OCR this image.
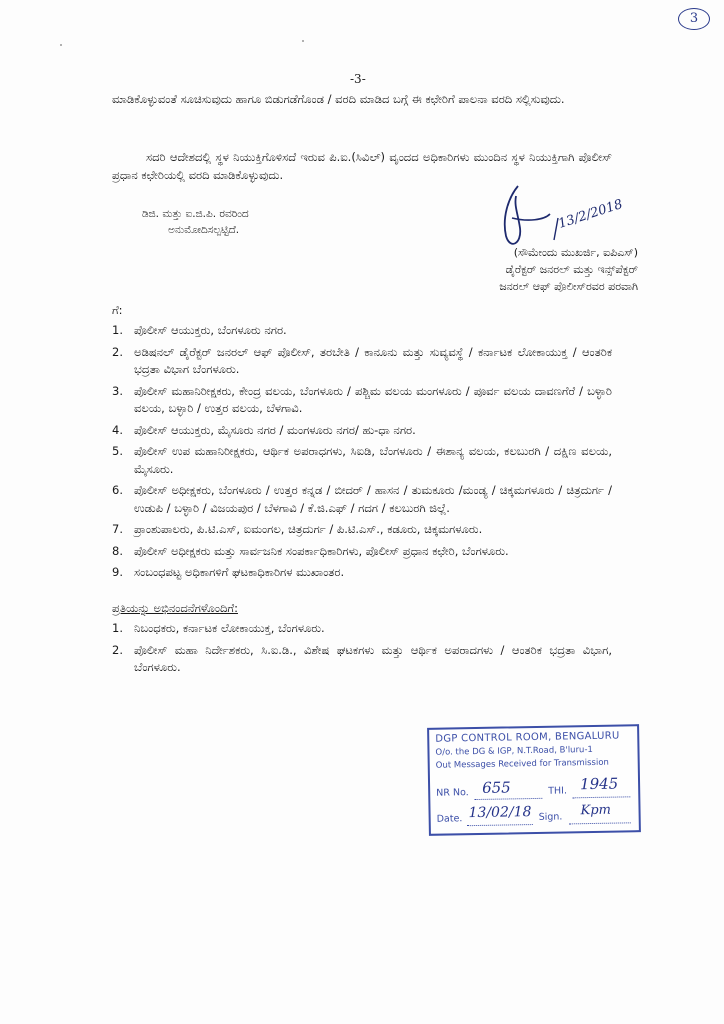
3
-3-
ಮಾಡಿಕೊಳ್ಳುವಂತೆ ಸೂಚಿಸುವುದು ಹಾಗೂ ಬಿಡುಗಡೆಗೊಂಡ / ವರದಿ ಮಾಡಿದ ಬಗ್ಗೆ ಈ ಕಛೇರಿಗೆ ಪಾಲನಾ ವರದಿ ಸಲ್ಲಿಸುವುದು.
ಸದರಿ ಆದೇಶದಲ್ಲಿ ಸ್ಥಳ ನಿಯುಕ್ತಿಗೊಳಿಸದೆ ಇರುವ ಪಿ.ಐ.(ಸಿವಿಲ್) ವೃಂದದ ಅಧಿಕಾರಿಗಳು ಮುಂದಿನ ಸ್ಥಳ ನಿಯುಕ್ತಿಗಾಗಿ ಪೊಲೀಸ್ ಪ್ರಧಾನ ಕಛೇರಿಯಲ್ಲಿ ವರದಿ ಮಾಡಿಕೊಳ್ಳುವುದು.
ಡಿಜಿ. ಮತ್ತು ಐ.ಜಿ.ಪಿ. ರವರಿಂದ
ಅನುಮೋದಿಸಲ್ಪಟ್ಟಿದೆ.	13/2/2018
(ಸೌಮೇಂದು ಮುಖರ್ಜಿ, ಐಪಿಎಸ್)
ಡೈರೆಕ್ಟರ್ ಜನರಲ್ ಮತ್ತು ಇನ್ಸ್‌ಪೆಕ್ಟರ್
ಜನರಲ್ ಆಫ್ ಪೊಲೀಸ್‌ರವರ ಪರವಾಗಿ
ಗೆ:
1. ಪೊಲೀಸ್ ಆಯುಕ್ತರು, ಬೆಂಗಳೂರು ನಗರ.
2. ಅಡಿಷನಲ್ ಡೈರೆಕ್ಟರ್ ಜನರಲ್ ಆಫ್ ಪೊಲೀಸ್, ತರಬೇತಿ / ಕಾನೂನು ಮತ್ತು ಸುವ್ಯವಸ್ಥೆ / ಕರ್ನಾಟಕ ಲೋಕಾಯುಕ್ತ / ಆಂತರಿಕ ಭದ್ರತಾ ವಿಭಾಗ ಬೆಂಗಳೂರು.
3. ಪೊಲೀಸ್ ಮಹಾನಿರೀಕ್ಷಕರು, ಕೇಂದ್ರ ವಲಯ, ಬೆಂಗಳೂರು / ಪಶ್ಚಿಮ ವಲಯ ಮಂಗಳೂರು / ಪೂರ್ವ ವಲಯ ದಾವಣಗೆರೆ / ಬಳ್ಳಾರಿ ವಲಯ, ಬಳ್ಳಾರಿ / ಉತ್ತರ ವಲಯ, ಬೆಳಗಾವಿ.
4. ಪೊಲೀಸ್ ಆಯುಕ್ತರು, ಮೈಸೂರು ನಗರ / ಮಂಗಳೂರು ನಗರ/ ಹು-ಧಾ ನಗರ.
5. ಪೊಲೀಸ್ ಉಪ ಮಹಾನಿರೀಕ್ಷಕರು, ಆರ್ಥಿಕ ಅಪರಾಧಗಳು, ಸಿಐಡಿ, ಬೆಂಗಳೂರು / ಈಶಾನ್ಯ ವಲಯ, ಕಲಬುರಗಿ / ದಕ್ಷಿಣ ವಲಯ, ಮೈಸೂರು.
6. ಪೊಲೀಸ್ ಅಧೀಕ್ಷಕರು, ಬೆಂಗಳೂರು / ಉತ್ತರ ಕನ್ನಡ / ಬೀದರ್ / ಹಾಸನ / ತುಮಕೂರು /ಮಂಡ್ಯ / ಚಿಕ್ಕಮಗಳೂರು / ಚಿತ್ರದುರ್ಗ / ಉಡುಪಿ / ಬಳ್ಳಾರಿ / ವಿಜಯಪುರ / ಬೆಳಗಾವಿ / ಕೆ.ಜಿ.ಎಫ್ / ಗದಗ / ಕಲಬುರಗಿ ಜಿಲ್ಲೆ.
7. ಪ್ರಾಂಶುಪಾಲರು, ಪಿ.ಟಿ.ಎಸ್, ಐಮಂಗಲ, ಚಿತ್ರದುರ್ಗ / ಪಿ.ಟಿ.ಎಸ್., ಕಡೂರು, ಚಿಕ್ಕಮಗಳೂರು.
8. ಪೊಲೀಸ್ ಅಧೀಕ್ಷಕರು ಮತ್ತು ಸಾರ್ವಜನಿಕ ಸಂಪರ್ಕಾಧಿಕಾರಿಗಳು, ಪೊಲೀಸ್ ಪ್ರಧಾನ ಕಛೇರಿ, ಬೆಂಗಳೂರು.
9. ಸಂಬಂಧಪಟ್ಟ ಅಧಿಕಾಗಳಿಗೆ ಘಟಕಾಧಿಕಾರಿಗಳ ಮುಖಾಂತರ.
ಪ್ರತಿಯನ್ನು ಅಭಿನಂದನೆಗಳೊಂದಿಗೆ:
1. ನಿಬಂಧಕರು, ಕರ್ನಾಟಕ ಲೋಕಾಯುಕ್ತ, ಬೆಂಗಳೂರು.
2. ಪೊಲೀಸ್ ಮಹಾ ನಿರ್ದೇಶಕರು, ಸಿ.ಐ.ಡಿ., ವಿಶೇಷ ಘಟಕಗಳು ಮತ್ತು ಆರ್ಥಿಕ ಅಪರಾದಗಳು / ಆಂತರಿಕ ಭದ್ರತಾ ವಿಭಾಗ, ಬೆಂಗಳೂರು.
DGP CONTROL ROOM, BENGALURU
O/o. the DG & IGP, N.T.Road, B'luru-1
Out Messages Received for Transmission
NR No. 655	THI. 1945
Date. 13/02/18 Sign. Kpm
